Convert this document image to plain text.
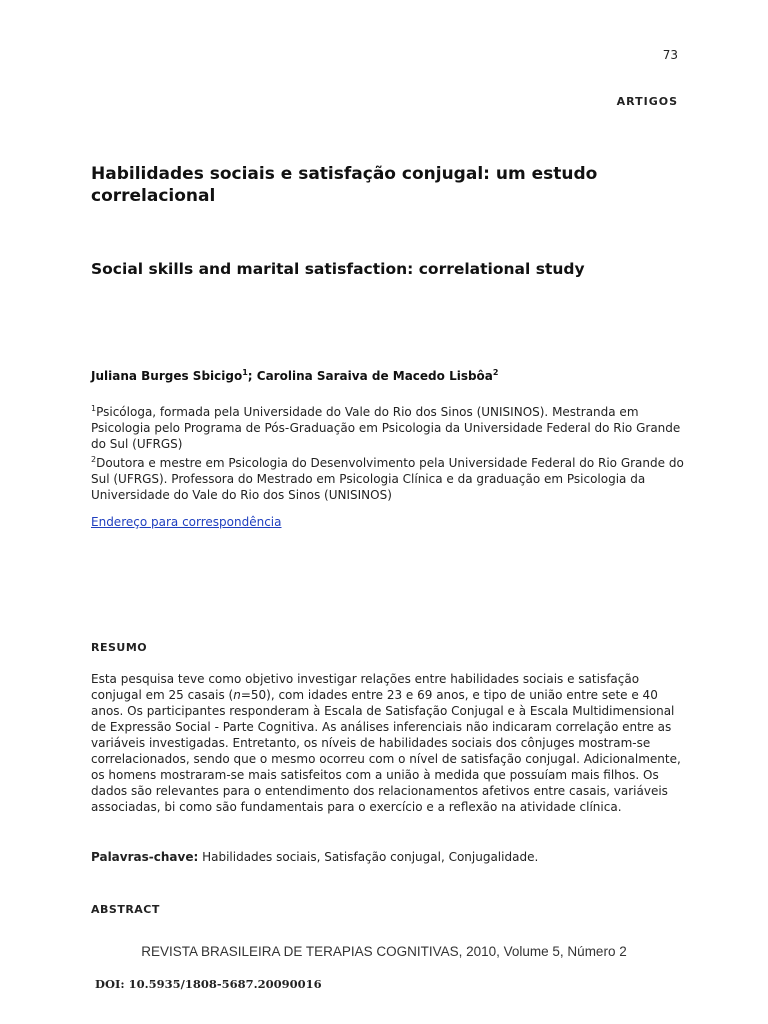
73
ARTIGOS
Habilidades sociais e satisfação conjugal: um estudo correlacional
Social skills and marital satisfaction: correlational study
Juliana Burges Sbicigo$^1$; Carolina Saraiva de Macedo Lisbôa$^2$
$^1$Psicóloga, formada pela Universidade do Vale do Rio dos Sinos (UNISINOS). Mestranda em Psicologia pelo Programa de Pós-Graduação em Psicologia da Universidade Federal do Rio Grande do Sul (UFRGS)
$^2$Doutora e mestre em Psicologia do Desenvolvimento pela Universidade Federal do Rio Grande do Sul (UFRGS). Professora do Mestrado em Psicologia Clínica e da graduação em Psicologia da Universidade do Vale do Rio dos Sinos (UNISINOS)
Endereço para correspondência
RESUMO
Esta pesquisa teve como objetivo investigar relações entre habilidades sociais e satisfação conjugal em 25 casais (n=50), com idades entre 23 e 69 anos, e tipo de união entre sete e 40 anos. Os participantes responderam à Escala de Satisfação Conjugal e à Escala Multidimensional de Expressão Social - Parte Cognitiva. As análises inferenciais não indicaram correlação entre as variáveis investigadas. Entretanto, os níveis de habilidades sociais dos cônjuges mostram-se correlacionados, sendo que o mesmo ocorreu com o nível de satisfação conjugal. Adicionalmente, os homens mostraram-se mais satisfeitos com a união à medida que possuíam mais filhos. Os dados são relevantes para o entendimento dos relacionamentos afetivos entre casais, variáveis associadas, bi como são fundamentais para o exercício e a reflexão na atividade clínica.
Palavras-chave: Habilidades sociais, Satisfação conjugal, Conjugalidade.
ABSTRACT
REVISTA BRASILEIRA DE TERAPIAS COGNITIVAS, 2010, Volume 5, Número 2
DOI: 10.5935/1808-5687.20090016
